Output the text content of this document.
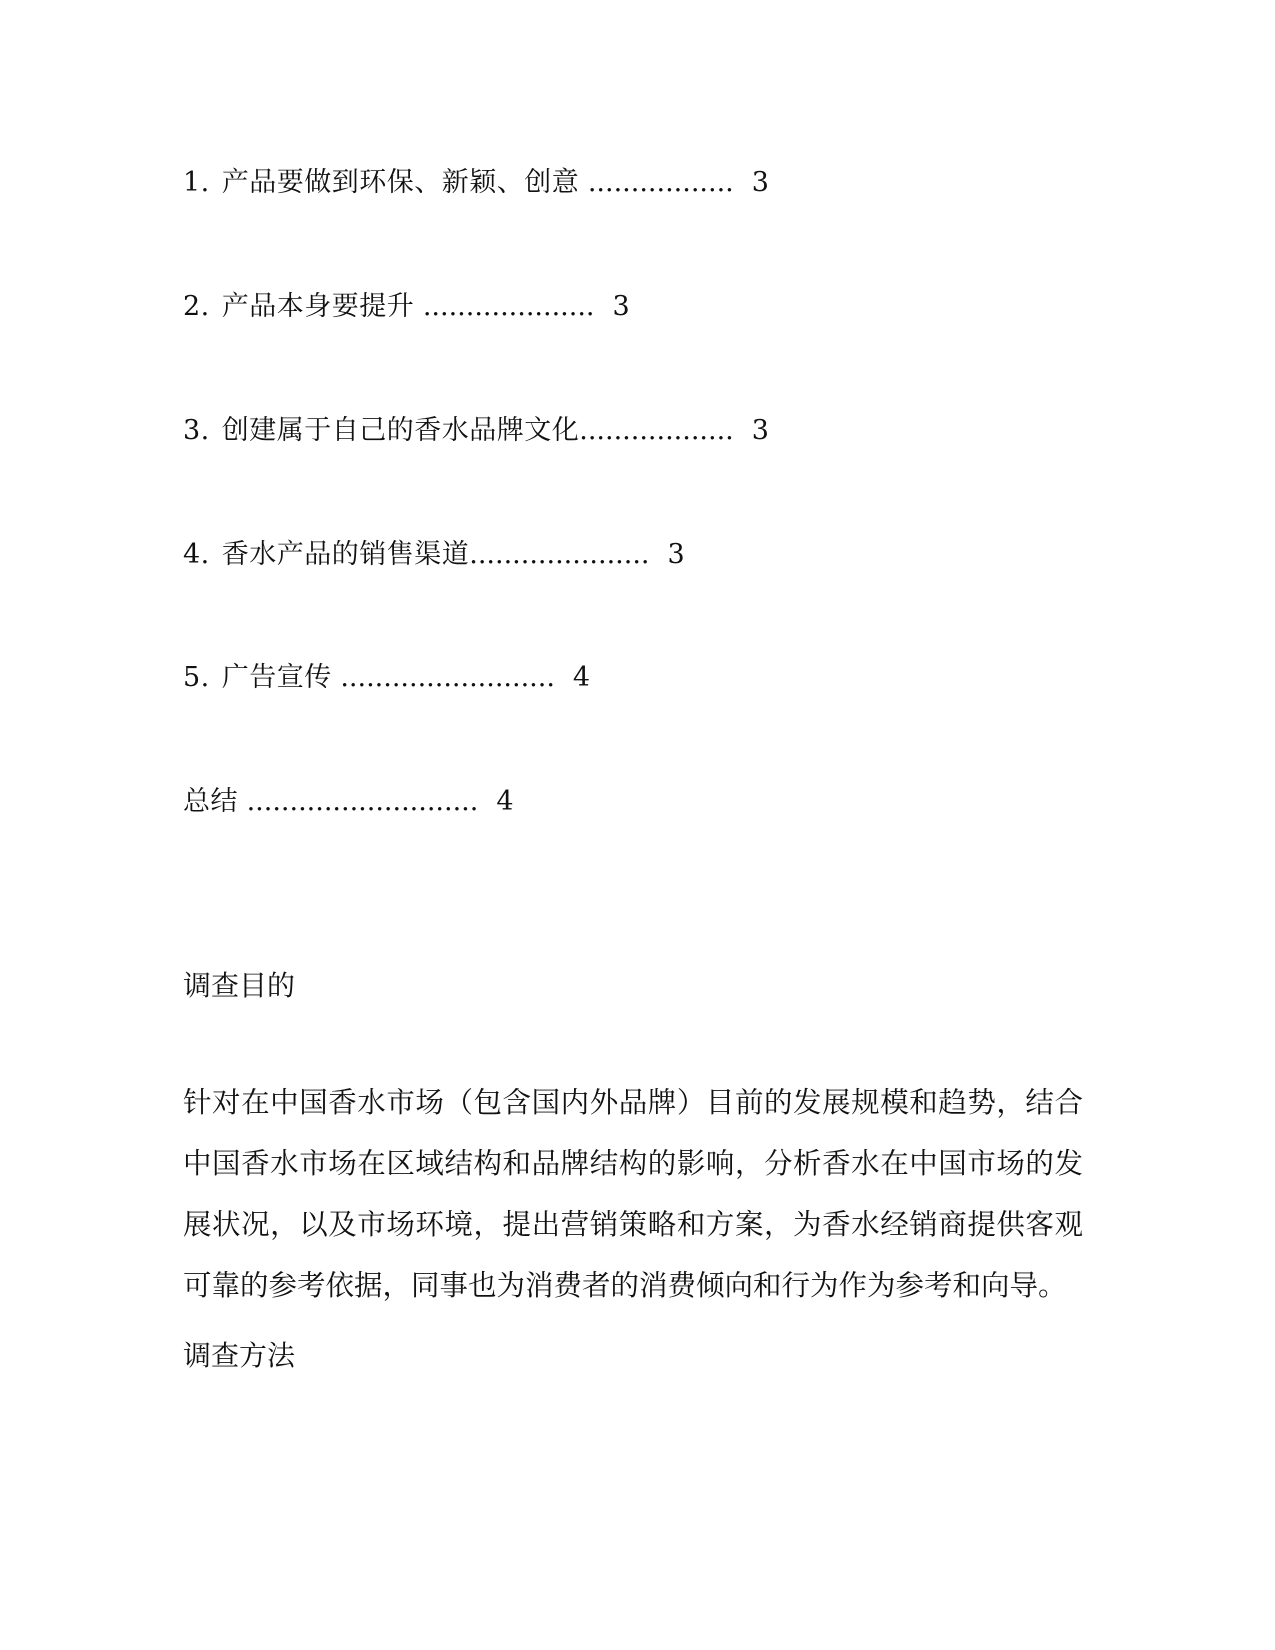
1. 产品要做到环保、新颖、创意 ................. 3
2. 产品本身要提升 .................... 3
3. 创建属于自己的香水品牌文化.................. 3
4. 香水产品的销售渠道..................... 3
5. 广告宣传 ......................... 4
总结 ........................... 4
调查目的

针对在中国香水市场（包含国内外品牌）目前的发展规模和趋势，结合中国香水市场在区域结构和品牌结构的影响，分析香水在中国市场的发展状况，以及市场环境，提出营销策略和方案，为香水经销商提供客观可靠的参考依据，同事也为消费者的消费倾向和行为作为参考和向导。

调查方法
